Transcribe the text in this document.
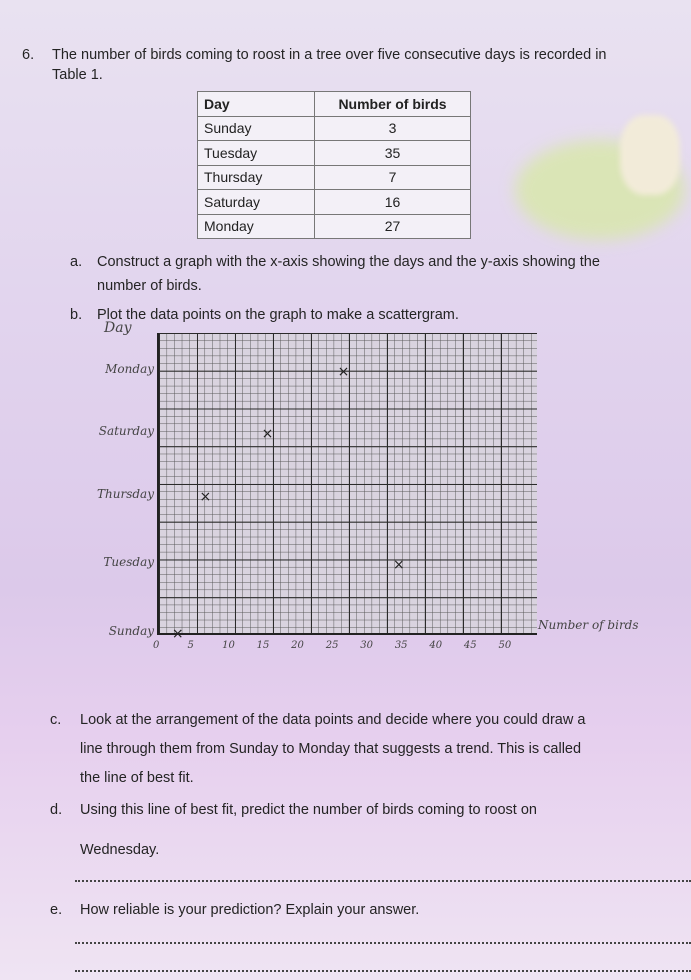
6. The number of birds coming to roost in a tree over five consecutive days is recorded in
Table 1.
Day	Number of birds
Sunday	3
Tuesday	35
Thursday	7
Saturday	16
Monday	27
a. Construct a graph with the x-axis showing the days and the y-axis showing the
number of birds.
b. Plot the data points on the graph to make a scattergram.
Day
Number of birds
Sunday
Tuesday
Thursday
Saturday
Monday
0	5	10 15 20 25 30 35 40 45 50
×
×
×
×
×
c. Look at the arrangement of the data points and decide where you could draw a
line through them from Sunday to Monday that suggests a trend. This is called
the line of best fit.
d. Using this line of best fit, predict the number of birds coming to roost on
Wednesday.
e. How reliable is your prediction? Explain your answer.
